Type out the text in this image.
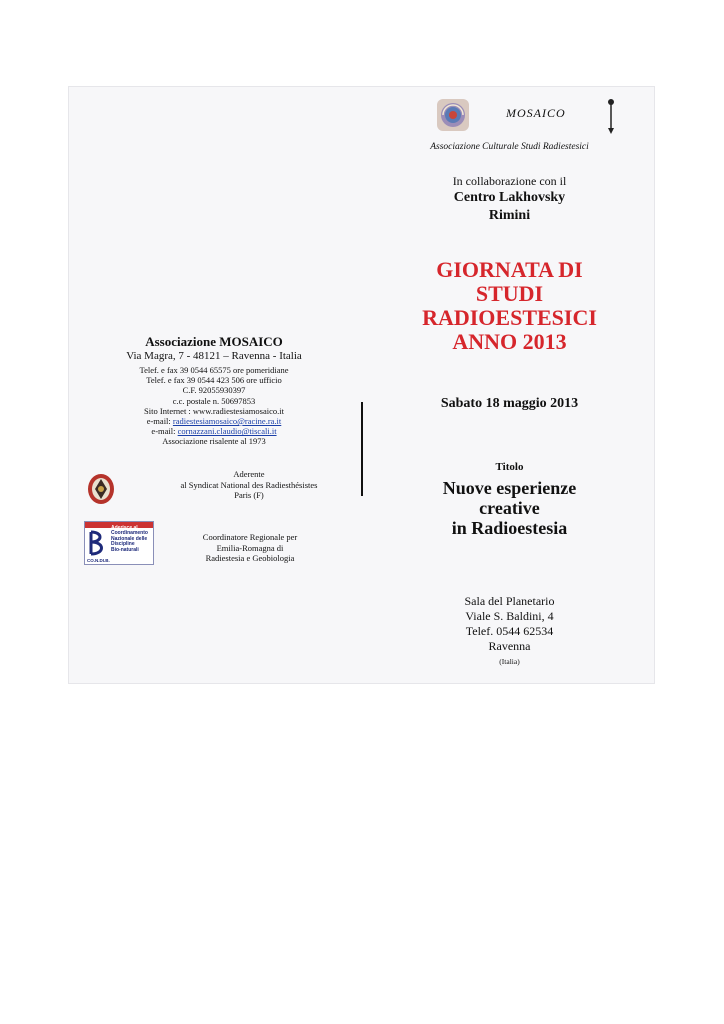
Associazione MOSAICO
Via Magra, 7 - 48121 – Ravenna - Italia
Telef. e fax 39 0544 65575 ore pomeridiane
Telef. e fax 39 0544 423 506 ore ufficio
C.F. 92055930397
c.c. postale n. 50697853
Sito Internet : www.radiestesiamosaico.it
e-mail: radiestesiamosaico@racine.ra.it
e-mail: cornazzani.claudio@tiscali.it
Associazione risalente al 1973
Aderente
al Syndicat National des Radiesthésistes
Paris (F)
Aderisce al
Coordinamento
Nazionale delle
Discipline
Bio-naturali
CO.N.DI.B.
Coordinatore Regionale per
Emilia-Romagna di
Radiestesia e Geobiologia
MOSAICO
Associazione Culturale Studi Radiestesici
In collaborazione con il
Centro Lakhovsky
Rimini
GIORNATA DI
STUDI
RADIOESTESICI
ANNO 2013
Sabato 18 maggio 2013
Titolo
Nuove esperienze
creative
in Radioestesia
Sala del Planetario
Viale S. Baldini, 4
Telef. 0544 62534
Ravenna
(Italia)
